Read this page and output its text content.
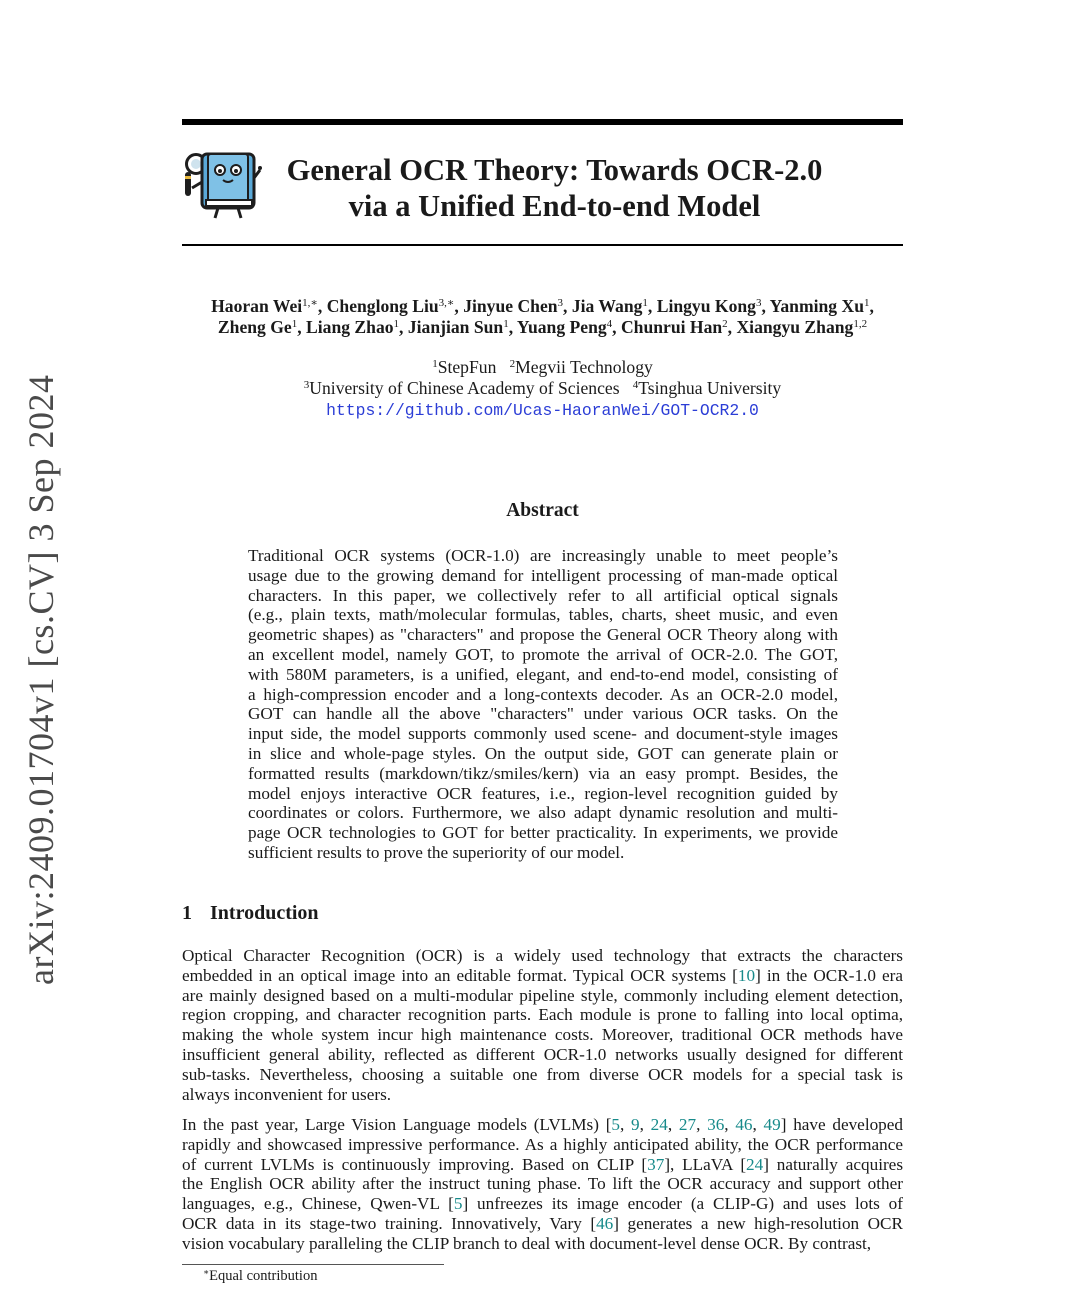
arXiv:2409.01704v1 [cs.CV] 3 Sep 2024
General OCR Theory: Towards OCR-2.0
via a Unified End-to-end Model
Haoran Wei$^{1,∗}$, Chenglong Liu$^{3,∗}$, Jinyue Chen$^3$, Jia Wang$^1$, Lingyu Kong$^3$, Yanming Xu$^1$,
Zheng Ge$^1$, Liang Zhao$^1$, Jianjian Sun$^1$, Yuang Peng$^4$, Chunrui Han$^2$, Xiangyu Zhang$^{1,2}$
$^1$StepFun $^2$Megvii Technology
$^3$University of Chinese Academy of Sciences $^4$Tsinghua University
https://github.com/Ucas-HaoranWei/GOT-OCR2.0
Abstract
Traditional OCR systems (OCR-1.0) are increasingly unable to meet people’s
usage due to the growing demand for intelligent processing of man-made optical
characters. In this paper, we collectively refer to all artificial optical signals
(e.g., plain texts, math/molecular formulas, tables, charts, sheet music, and even
geometric shapes) as "characters" and propose the General OCR Theory along with
an excellent model, namely GOT, to promote the arrival of OCR-2.0. The GOT,
with 580M parameters, is a unified, elegant, and end-to-end model, consisting of
a high-compression encoder and a long-contexts decoder. As an OCR-2.0 model,
GOT can handle all the above "characters" under various OCR tasks. On the
input side, the model supports commonly used scene- and document-style images
in slice and whole-page styles. On the output side, GOT can generate plain or
formatted results (markdown/tikz/smiles/kern) via an easy prompt. Besides, the
model enjoys interactive OCR features, i.e., region-level recognition guided by
coordinates or colors. Furthermore, we also adapt dynamic resolution and multi-
page OCR technologies to GOT for better practicality. In experiments, we provide
sufficient results to prove the superiority of our model.
1 Introduction
Optical Character Recognition (OCR) is a widely used technology that extracts the characters
embedded in an optical image into an editable format. Typical OCR systems [10] in the OCR-1.0 era
are mainly designed based on a multi-modular pipeline style, commonly including element detection,
region cropping, and character recognition parts. Each module is prone to falling into local optima,
making the whole system incur high maintenance costs. Moreover, traditional OCR methods have
insufficient general ability, reflected as different OCR-1.0 networks usually designed for different
sub-tasks. Nevertheless, choosing a suitable one from diverse OCR models for a special task is
always inconvenient for users.
In the past year, Large Vision Language models (LVLMs) [5, 9, 24, 27, 36, 46, 49] have developed
rapidly and showcased impressive performance. As a highly anticipated ability, the OCR performance
of current LVLMs is continuously improving. Based on CLIP [37], LLaVA [24] naturally acquires
the English OCR ability after the instruct tuning phase. To lift the OCR accuracy and support other
languages, e.g., Chinese, Qwen-VL [5] unfreezes its image encoder (a CLIP-G) and uses lots of
OCR data in its stage-two training. Innovatively, Vary [46] generates a new high-resolution OCR
vision vocabulary paralleling the CLIP branch to deal with document-level dense OCR. By contrast,
∗Equal contribution
